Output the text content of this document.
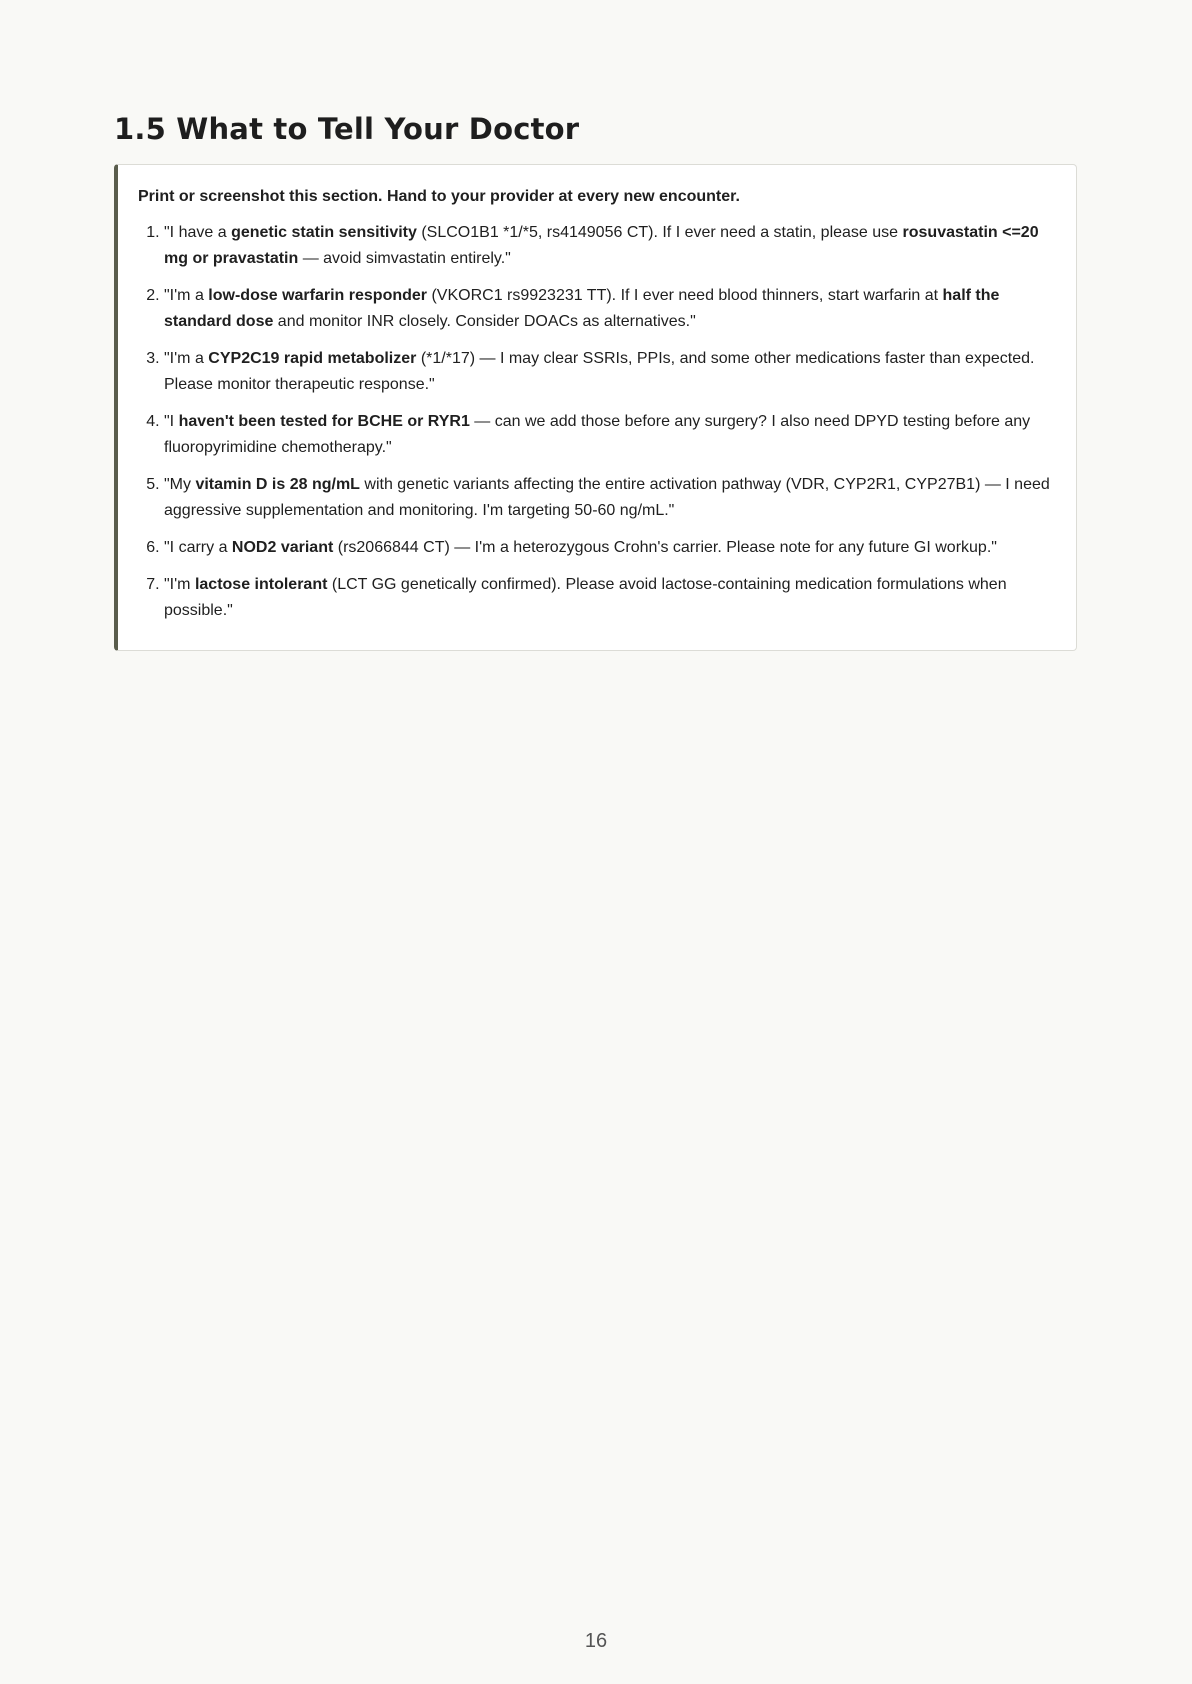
1.5 What to Tell Your Doctor

Print or screenshot this section. Hand to your provider at every new encounter.

1. "I have a genetic statin sensitivity (SLCO1B1 *1/*5, rs4149056 CT). If I ever need a statin, please use rosuvastatin <=20 mg or pravastatin — avoid simvastatin entirely."
2. "I'm a low-dose warfarin responder (VKORC1 rs9923231 TT). If I ever need blood thinners, start warfarin at half the standard dose and monitor INR closely. Consider DOACs as alternatives."
3. "I'm a CYP2C19 rapid metabolizer (*1/*17) — I may clear SSRIs, PPIs, and some other medications faster than expected. Please monitor therapeutic response."
4. "I haven't been tested for BCHE or RYR1 — can we add those before any surgery? I also need DPYD testing before any fluoropyrimidine chemotherapy."
5. "My vitamin D is 28 ng/mL with genetic variants affecting the entire activation pathway (VDR, CYP2R1, CYP27B1) — I need aggressive supplementation and monitoring. I'm targeting 50-60 ng/mL."
6. "I carry a NOD2 variant (rs2066844 CT) — I'm a heterozygous Crohn's carrier. Please note for any future GI workup."
7. "I'm lactose intolerant (LCT GG genetically confirmed). Please avoid lactose-containing medication formulations when possible."
16
